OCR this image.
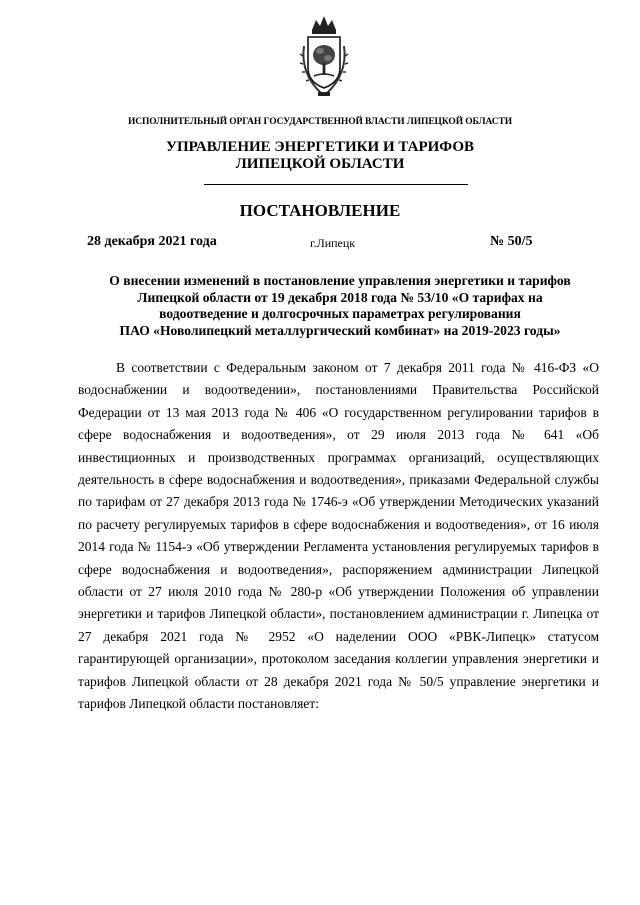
ИСПОЛНИТЕЛЬНЫЙ ОРГАН ГОСУДАРСТВЕННОЙ ВЛАСТИ ЛИПЕЦКОЙ ОБЛАСТИ
УПРАВЛЕНИЕ ЭНЕРГЕТИКИ И ТАРИФОВ
ЛИПЕЦКОЙ ОБЛАСТИ
ПОСТАНОВЛЕНИЕ
28 декабря 2021 года	г.Липецк	№ 50/5
О внесении изменений в постановление управления энергетики и тарифов
Липецкой области от 19 декабря 2018 года № 53/10 «О тарифах на
водоотведение и долгосрочных параметрах регулирования
ПАО «Новолипецкий металлургический комбинат» на 2019-2023 годы»

В соответствии с Федеральным законом от 7 декабря 2011 года № 416-ФЗ «О водоснабжении и водоотведении», постановлениями Правительства Российской Федерации от 13 мая 2013 года № 406 «О государственном регулировании тарифов в сфере водоснабжения и водоотведения», от 29 июля 2013 года № 641 «Об инвестиционных и производственных программах организаций, осуществляющих деятельность в сфере водоснабжения и водоотведения», приказами Федеральной службы по тарифам от 27 декабря 2013 года № 1746-э «Об утверждении Методических указаний по расчету регулируемых тарифов в сфере водоснабжения и водоотведения», от 16 июля 2014 года № 1154-э «Об утверждении Регламента установления регулируемых тарифов в сфере водоснабжения и водоотведения», распоряжением администрации Липецкой области от 27 июля 2010 года № 280-р «Об утверждении Положения об управлении энергетики и тарифов Липецкой области», постановлением администрации г. Липецка от 27 декабря 2021 года № 2952 «О наделении ООО «РВК-Липецк» статусом гарантирующей организации», протоколом заседания коллегии управления энергетики и тарифов Липецкой области от 28 декабря 2021 года № 50/5 управление энергетики и тарифов Липецкой области постановляет:
